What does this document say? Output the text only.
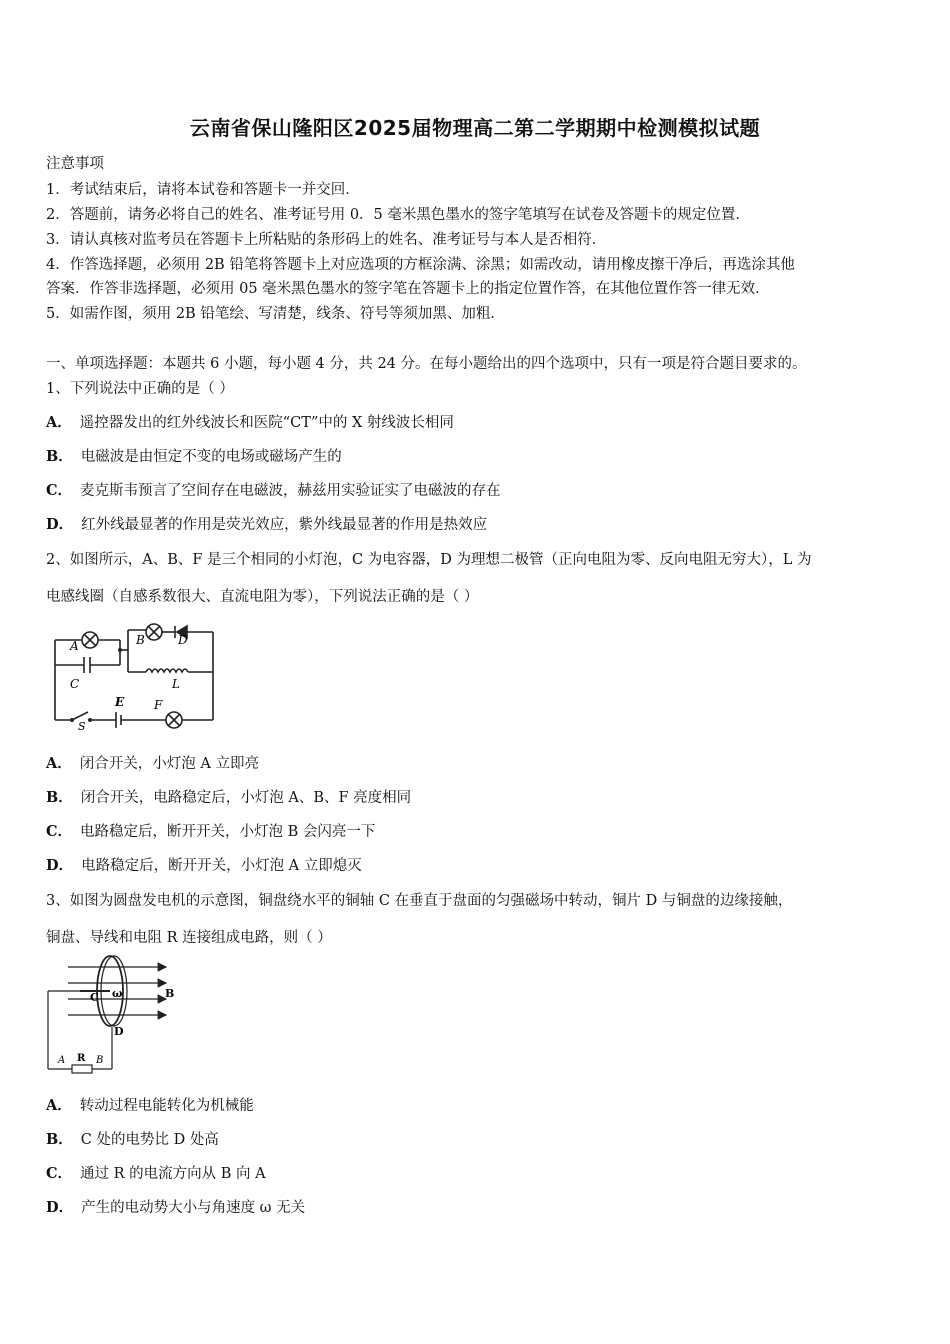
云南省保山隆阳区2025届物理高二第二学期期中检测模拟试题
注意事项
1．考试结束后，请将本试卷和答题卡一并交回．
2．答题前，请务必将自己的姓名、准考证号用 0．5 毫米黑色墨水的签字笔填写在试卷及答题卡的规定位置．
3．请认真核对监考员在答题卡上所粘贴的条形码上的姓名、准考证号与本人是否相符．
4．作答选择题，必须用 2B 铅笔将答题卡上对应选项的方框涂满、涂黑；如需改动，请用橡皮擦干净后，再选涂其他
答案．作答非选择题，必须用 05 毫米黑色墨水的签字笔在答题卡上的指定位置作答，在其他位置作答一律无效．
5．如需作图，须用 2B 铅笔绘、写清楚，线条、符号等须加黑、加粗．
一、单项选择题：本题共 6 小题，每小题 4 分，共 24 分。在每小题给出的四个选项中，只有一项是符合题目要求的。
1、下列说法中正确的是（ ）
A． 遥控器发出的红外线波长和医院“CT”中的 X 射线波长相同
B． 电磁波是由恒定不变的电场或磁场产生的
C． 麦克斯韦预言了空间存在电磁波，赫兹用实验证实了电磁波的存在
D． 红外线最显著的作用是荧光效应，紫外线最显著的作用是热效应
2、如图所示，A、B、F 是三个相同的小灯泡，C 为电容器，D 为理想二极管（正向电阻为零、反向电阻无穷大），L 为
电感线圈（自感系数很大、直流电阻为零），下列说法正确的是（ ）
A
C
B	D
L
E F
S
A． 闭合开关，小灯泡 A 立即亮
B． 闭合开关，电路稳定后，小灯泡 A、B、F 亮度相同
C． 电路稳定后，断开开关，小灯泡 B 会闪亮一下
D． 电路稳定后，断开开关，小灯泡 A 立即熄灭
3、如图为圆盘发电机的示意图，铜盘绕水平的铜轴 C 在垂直于盘面的匀强磁场中转动，铜片 D 与铜盘的边缘接触，
铜盘、导线和电阻 R 连接组成电路，则（ ）
C ω	B
D
A R B
A． 转动过程电能转化为机械能
B． C 处的电势比 D 处高
C． 通过 R 的电流方向从 B 向 A
D． 产生的电动势大小与角速度 ω 无关
